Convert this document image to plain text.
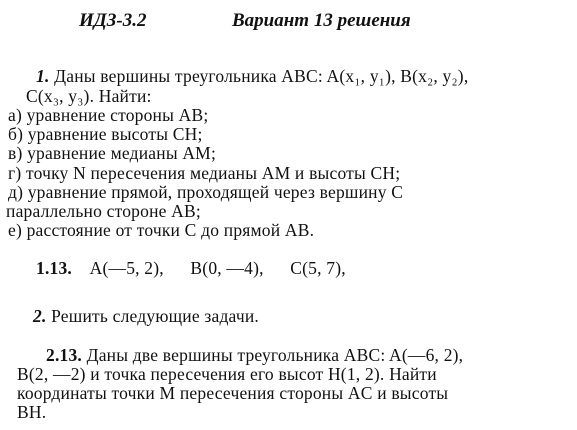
ИДЗ-3.2	Вариант 13 решения
1. Даны вершины треугольника ABC: A(x₁, y₁), B(x₂, y₂),
C(x₃, y₃). Найти:
а) уравнение стороны AB;
б) уравнение высоты CH;
в) уравнение медианы AM;
г) точку N пересечения медианы AM и высоты CH;
д) уравнение прямой, проходящей через вершину C
параллельно стороне AB;
е) расстояние от точки C до прямой AB.
1.13. A(—5, 2), B(0, —4), C(5, 7),
2. Решить следующие задачи.
2.13. Даны две вершины треугольника ABC: A(—6, 2),
B(2, —2) и точка пересечения его высот H(1, 2). Найти
координаты точки M пересечения стороны AC и высоты
BH.
